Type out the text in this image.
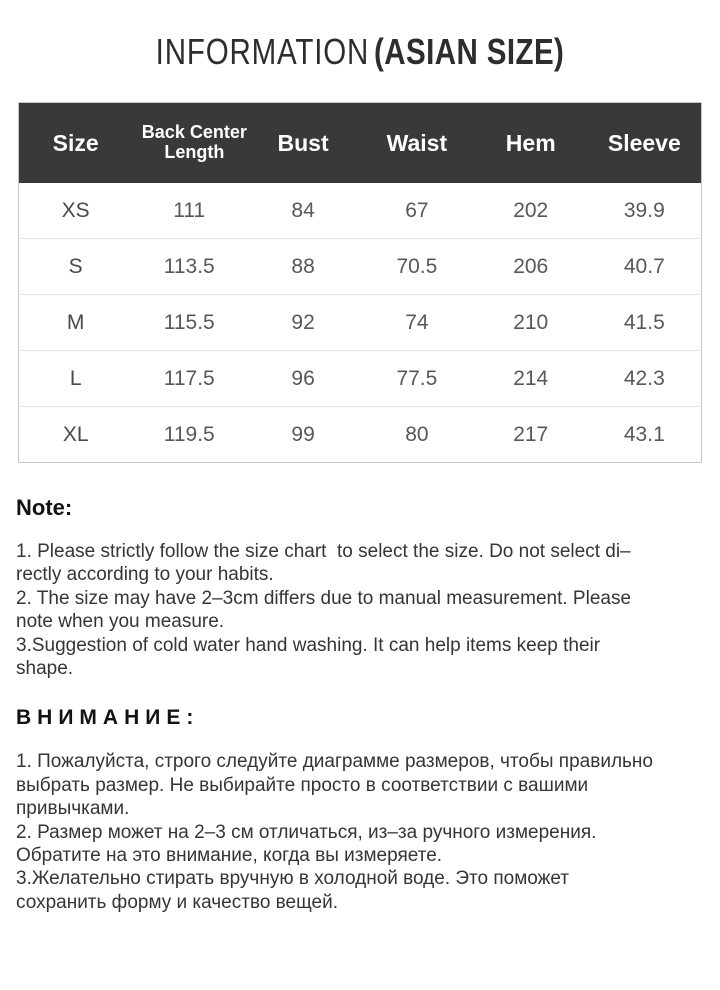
INFORMATION (ASIAN SIZE)
Size	Back Center Length	Bust	Waist	Hem	Sleeve
XS	111	84	67	202	39.9
S	113.5	88	70.5	206	40.7
M	115.5	92	74	210	41.5
L	117.5	96	77.5	214	42.3
XL	119.5	99	80	217	43.1
Note:
1. Please strictly follow the size chart  to select the size. Do not select di–
rectly according to your habits.
2. The size may have 2–3cm differs due to manual measurement. Please
note when you measure.
3.Suggestion of cold water hand washing. It can help items keep their
shape.
ВНИМАНИЕ:
1. Пожалуйста, строго следуйте диаграмме размеров, чтобы правильно
выбрать размер. Не выбирайте просто в соответствии с вашими
привычками.
2. Размер может на 2–3 см отличаться, из–за ручного измерения.
Обратите на это внимание, когда вы измеряете.
3.Желательно стирать вручную в холодной воде. Это поможет
сохранить форму и качество вещей.
